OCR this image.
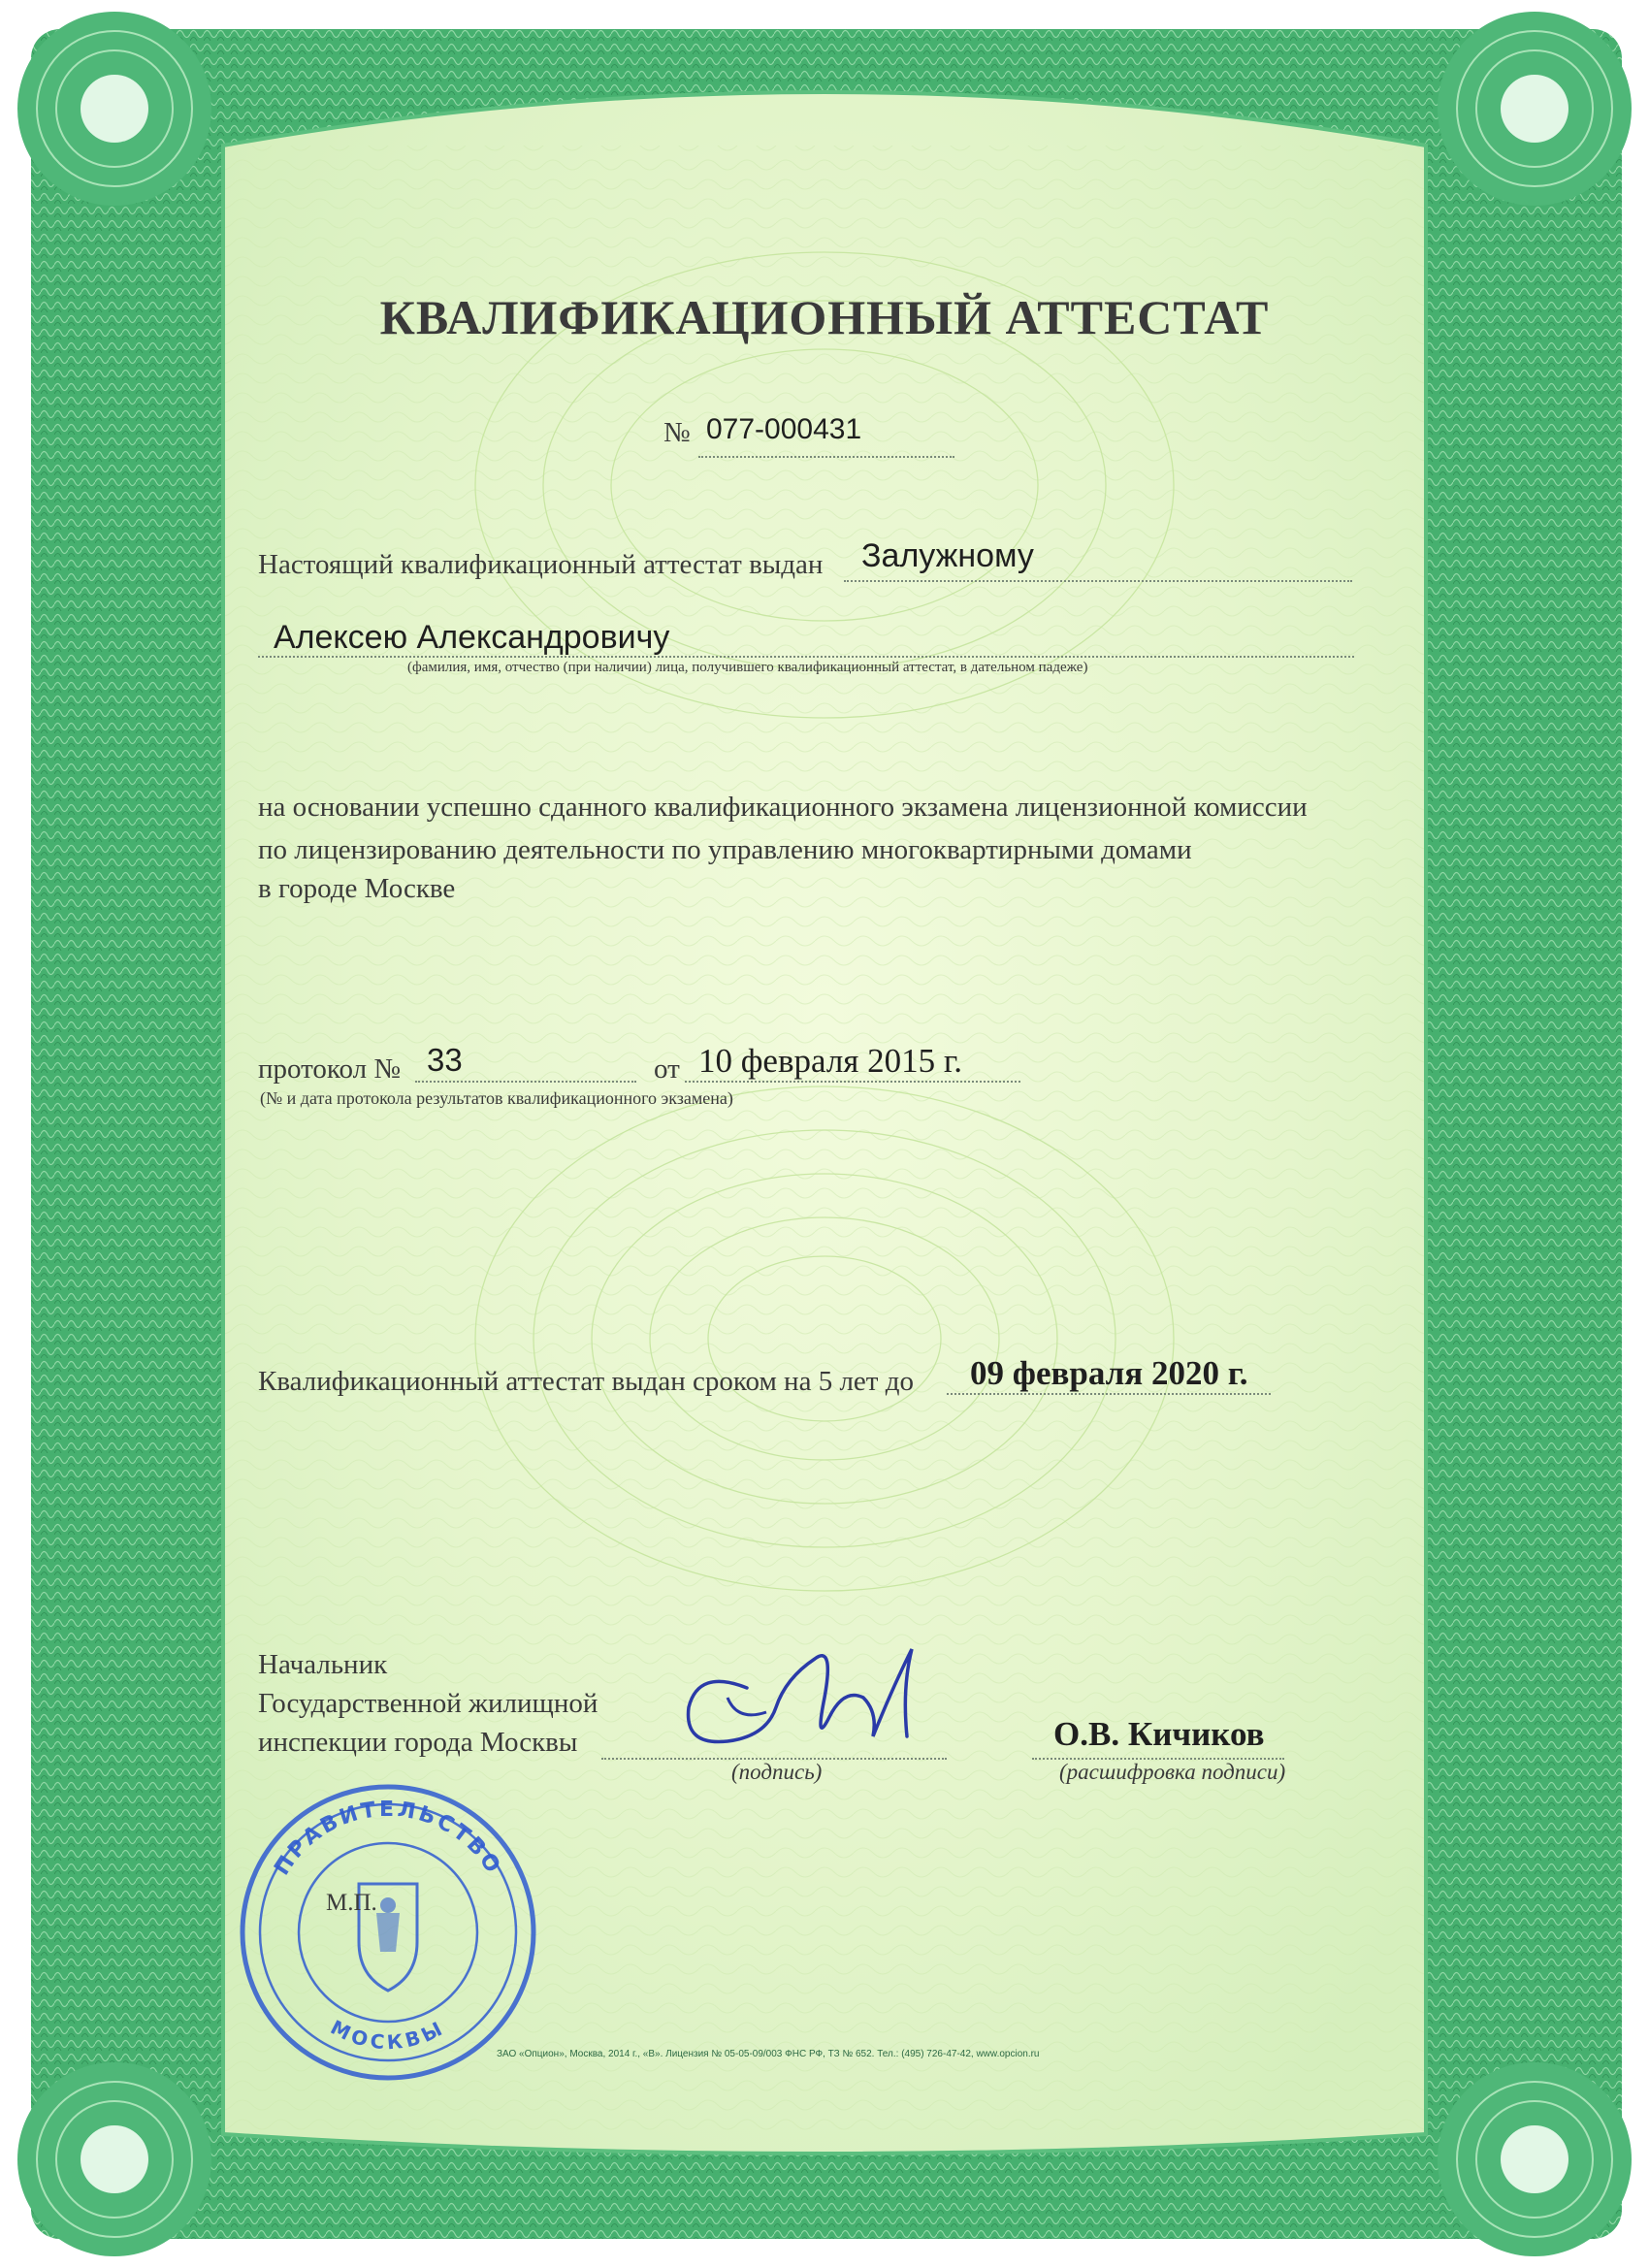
КВАЛИФИКАЦИОННЫЙ АТТЕСТАТ
№ 077-000431
Настоящий квалификационный аттестат выдан Залужному
Алексею Александровичу
(фамилия, имя, отчество (при наличии) лица, получившего квалификационный аттестат, в дательном падеже)
на основании успешно сданного квалификационного экзамена лицензионной комиссии
по лицензированию деятельности по управлению многоквартирными домами
в городе Москве
протокол № 33	от 10 февраля 2015 г.
(№ и дата протокола результатов квалификационного экзамена)
Квалификационный аттестат выдан сроком на 5 лет до 09 февраля 2020 г.
Начальник
Государственной жилищной
инспекции города Москвы
(подпись)
О.В. Кичиков
(расшифровка подписи)
ПРАВИТЕЛЬСТВО
МОСКВЫ
М.П.
ЗАО «Опцион», Москва, 2014 г., «В». Лицензия № 05-05-09/003 ФНС РФ, ТЗ № 652. Тел.: (495) 726-47-42, www.opcion.ru
